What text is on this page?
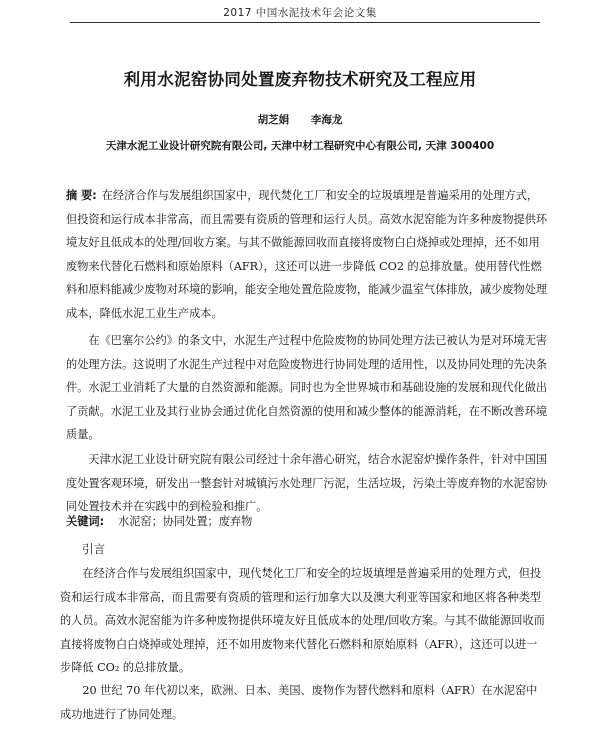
2017 中国水泥技术年会论文集
利用水泥窑协同处置废弃物技术研究及工程应用
胡芝娟 李海龙
天津水泥工业设计研究院有限公司, 天津中材工程研究中心有限公司, 天津 300400

摘 要: 在经济合作与发展组织国家中，现代焚化工厂和安全的垃圾填埋是普遍采用的处理方式，但投资和运行成本非常高，而且需要有资质的管理和运行人员。高效水泥窑能为许多种废物提供环境友好且低成本的处理/回收方案。与其不做能源回收而直接将废物白白烧掉或处理掉，还不如用废物来代替化石燃料和原始原料（AFR），这还可以进一步降低 CO2 的总排放量。使用替代性燃料和原料能减少废物对环境的影响，能安全地处置危险废物，能减少温室气体排放，减少废物处理成本，降低水泥工业生产成本。

在《巴塞尔公约》的条文中，水泥生产过程中危险废物的协同处理方法已被认为是对环境无害的处理方法。这说明了水泥生产过程中对危险废物进行协同处理的适用性，以及协同处理的先决条件。水泥工业消耗了大量的自然资源和能源。同时也为全世界城市和基础设施的发展和现代化做出了贡献。水泥工业及其行业协会通过优化自然资源的使用和减少整体的能源消耗，在不断改善环境质量。

天津水泥工业设计研究院有限公司经过十余年潜心研究，结合水泥窑炉操作条件，针对中国国度处置客观环境，研发出一整套针对城镇污水处理厂污泥，生活垃圾，污染土等废弃物的水泥窑协同处置技术并在实践中的到检验和推广。

关键词: 水泥窑；协同处置；废弃物

引言

在经济合作与发展组织国家中，现代焚化工厂和安全的垃圾填埋是普遍采用的处理方式，但投资和运行成本非常高，而且需要有资质的管理和运行加拿大以及澳大利亚等国家和地区将各种类型的人员。高效水泥窑能为许多种废物提供环境友好且低成本的处理/回收方案。与其不做能源回收而直接将废物白白烧掉或处理掉，还不如用废物来代替化石燃料和原始原料（AFR），这还可以进一步降低 CO₂ 的总排放量。

20 世纪 70 年代初以来，欧洲、日本、美国、废物作为替代燃料和原料（AFR）在水泥窑中成功地进行了协同处理。
